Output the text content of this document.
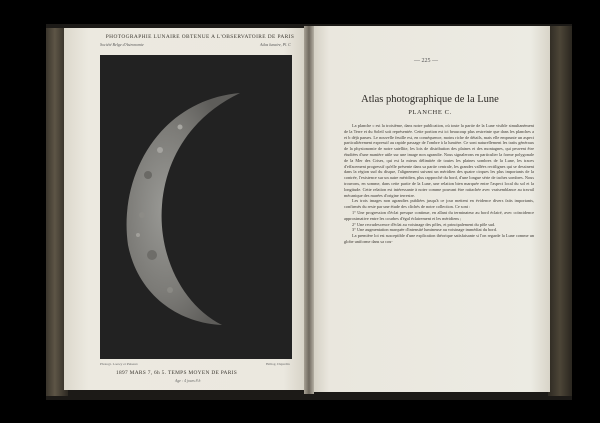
PHOTOGRAPHIE LUNAIRE OBTENUE A L'OBSERVATOIRE DE PARIS
Société Belge d'Astronomie	Atlas lunaire, Pl. C
Photogr. Loewy et Puiseux	Héliog. Dujardin
1897 MARS 7, 6h 5. TEMPS MOYEN DE PARIS
Age : 4 jours 8 h
— 225 —
Atlas photographique de la Lune
PLANCHE C.

La planche c est la troisième, dans notre publication, où toute la partie de la Lune visible simultanément de la Terre et du Soleil soit représentée. Cette portion est ici beaucoup plus restreinte que dans les planches a et b déjà parues. Le nouvelle feuille est, en conséquence, moins riche de détails, mais elle emprunte un aspect particulièrement expressif au rapide passage de l'ombre à la lumière. Ce sont naturellement les traits généraux de la physionomie de notre satellite, les lois de distribution des plaines et des montagnes, qui peuvent être étudiées d'une manière utile sur une image non agrandie. Nous signalerons en particulier la forme polygonale de la Mer des Crises, qui est la mieux délimitée de toutes les plaines sombres de la Lune, les traces d'effacement progressif qu'elle présente dans sa partie centrale, les grandes vallées rectilignes qui se dessinent dans la région sud du disque, l'alignement suivant un méridien des quatre cirques les plus importants de la contrée, l'existence sur un autre méridien, plus rapproché du bord, d'une longue série de taches sombres. Nous trouvons, en somme, dans cette partie de la Lune, une relation bien marquée entre l'aspect local du sol et la longitude. Cette relation est intéressante à noter comme pouvant être rattachée avec vraisemblance au travail mécanique des marées d'origine terrestre.

Les trois images non agrandies publiées jusqu'à ce jour mettent en évidence divers faits importants, confirmés du reste par une étude des clichés de notre collection. Ce sont :

1° Une progression d'éclat presque continue, en allant du terminateur au bord éclairé, avec coïncidence approximative entre les courbes d'égal éclairement et les méridiens ;

2° Une recrudescence d'éclat au voisinage des pôles, et principalement du pôle sud.

3° Une augmentation marquée d'intensité lumineuse au voisinage immédiat du bord.

La première loi est susceptible d'une explication théorique satisfaisante si l'on regarde la Lune comme un globe uniforme dans sa cou-
